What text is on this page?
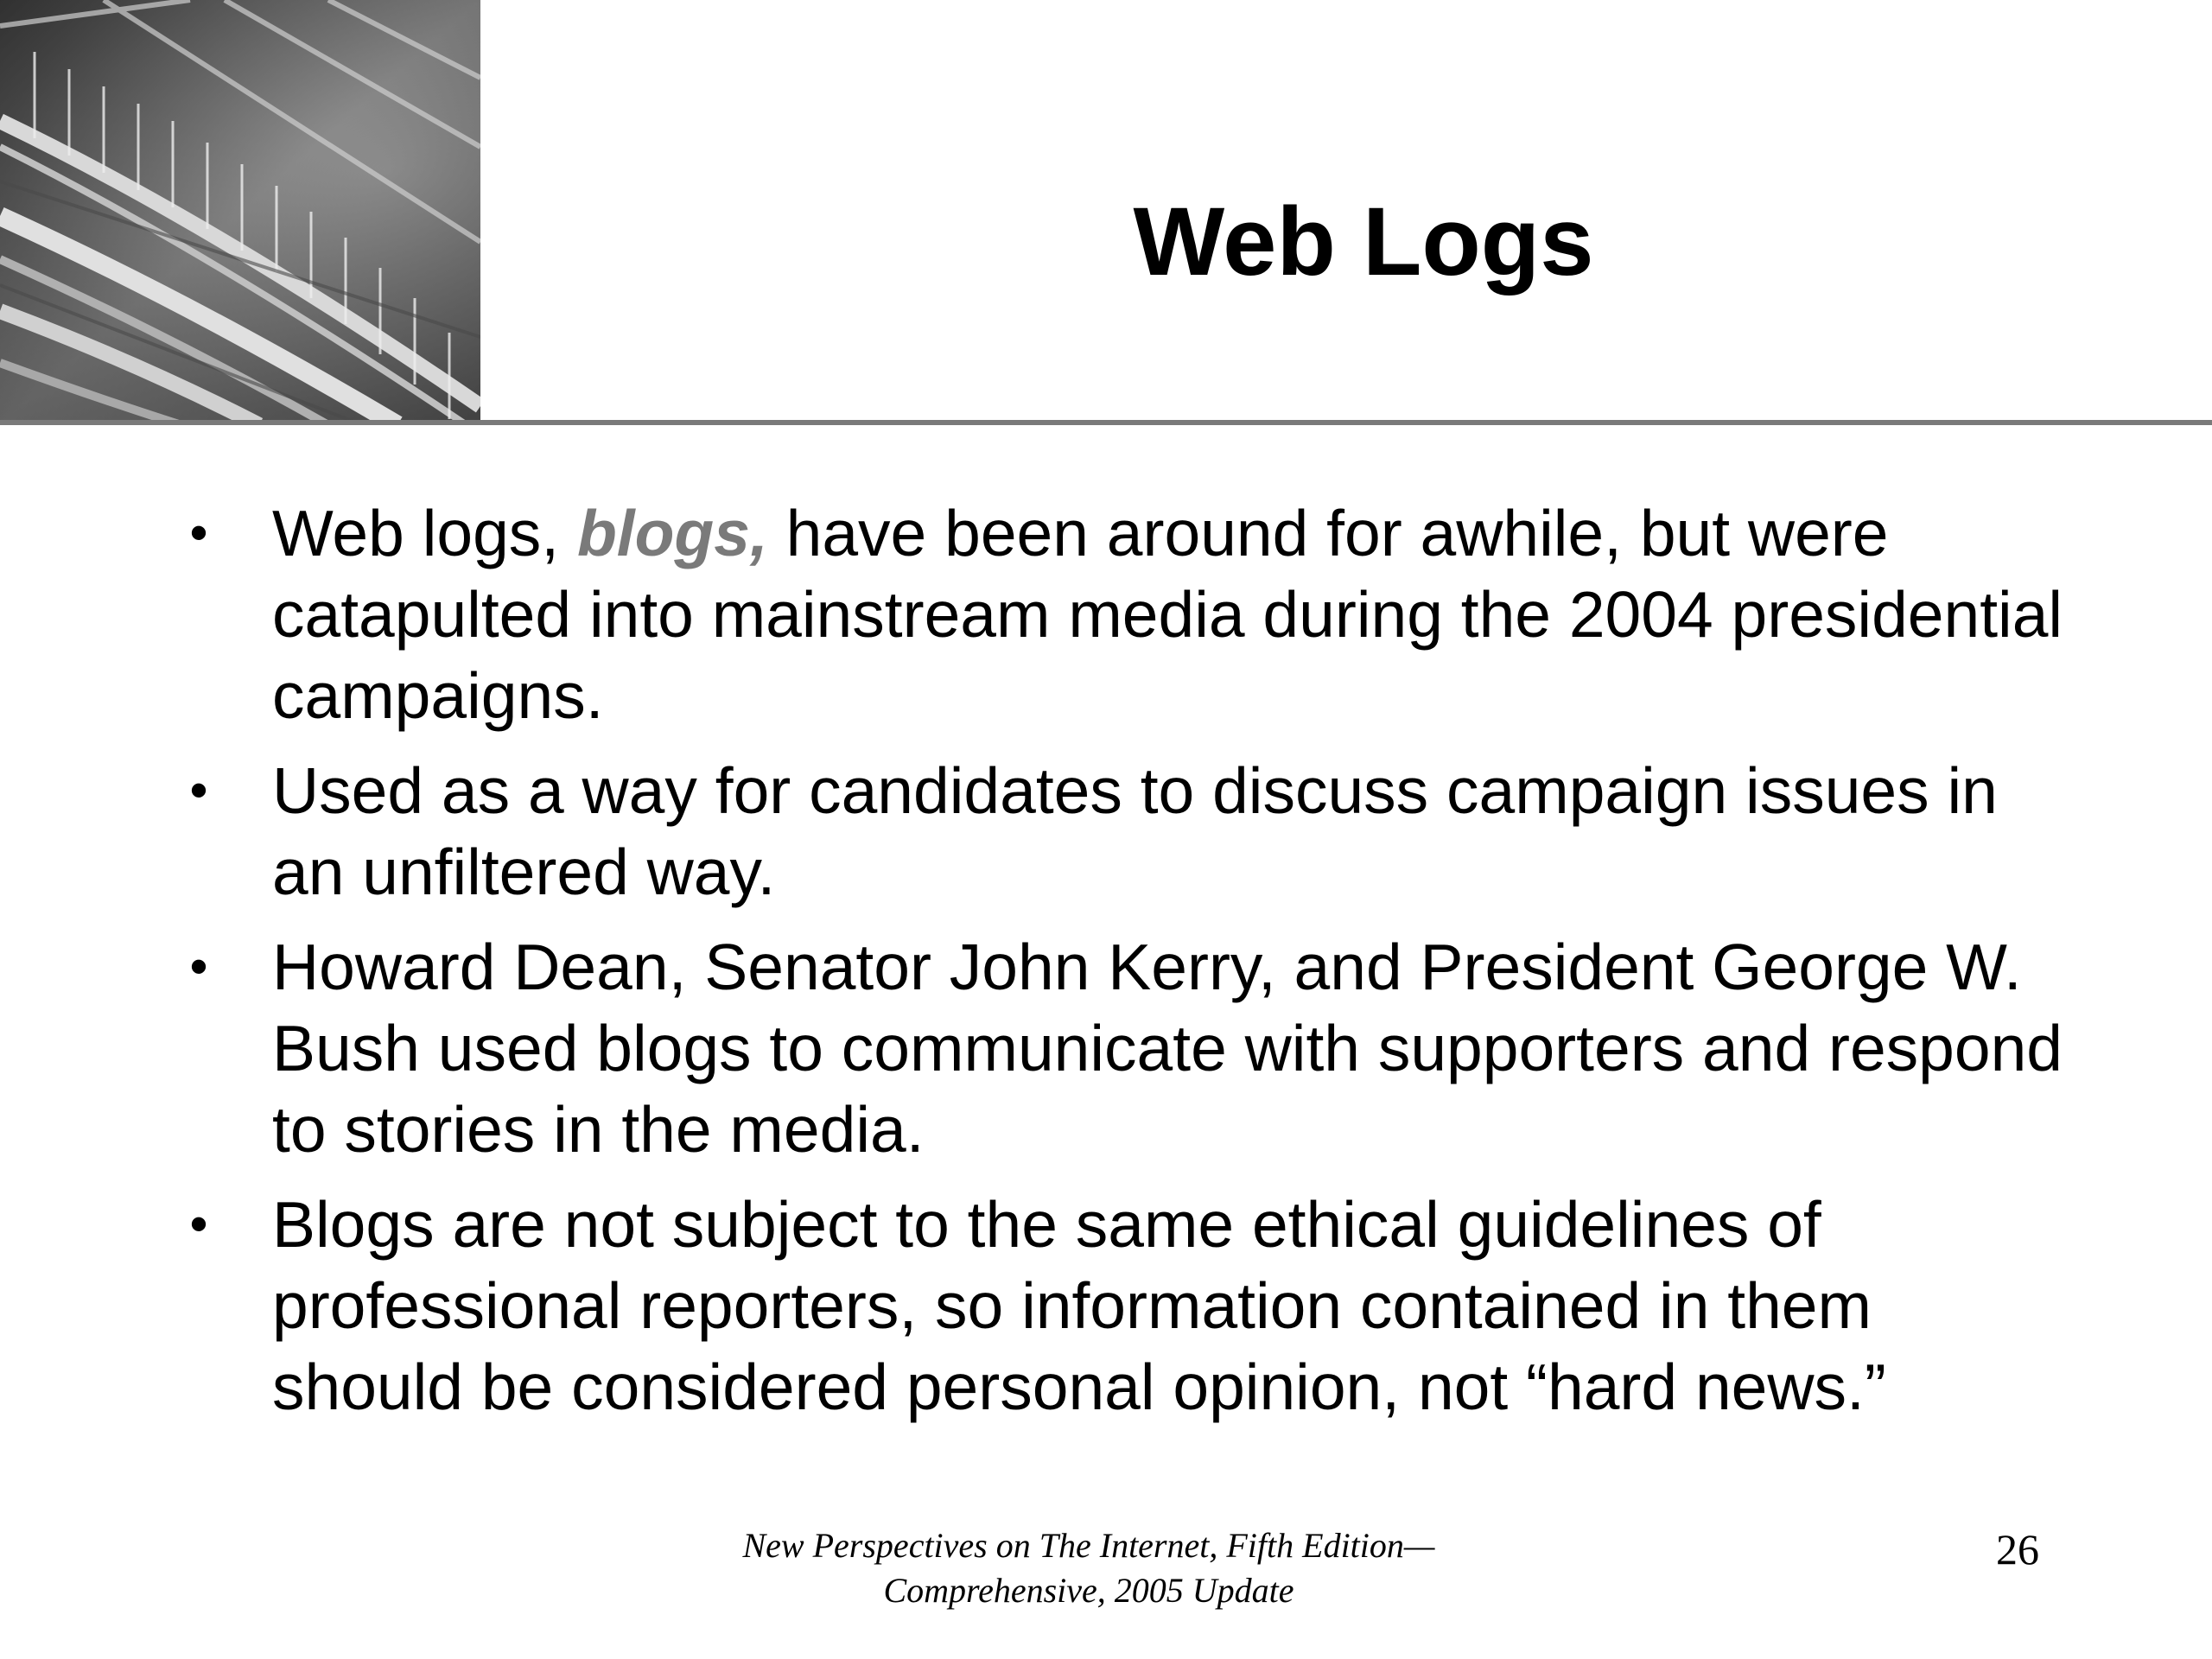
Web Logs
• Web logs, blogs, have been around for awhile, but were catapulted into mainstream media during the 2004 presidential campaigns.
• Used as a way for candidates to discuss campaign issues in an unfiltered way.
• Howard Dean, Senator John Kerry, and President George W. Bush used blogs to communicate with supporters and respond to stories in the media.
• Blogs are not subject to the same ethical guidelines of professional reporters, so information contained in them should be considered personal opinion, not “hard news.”
New Perspectives on The Internet, Fifth Edition—
Comprehensive, 2005 Update
26
